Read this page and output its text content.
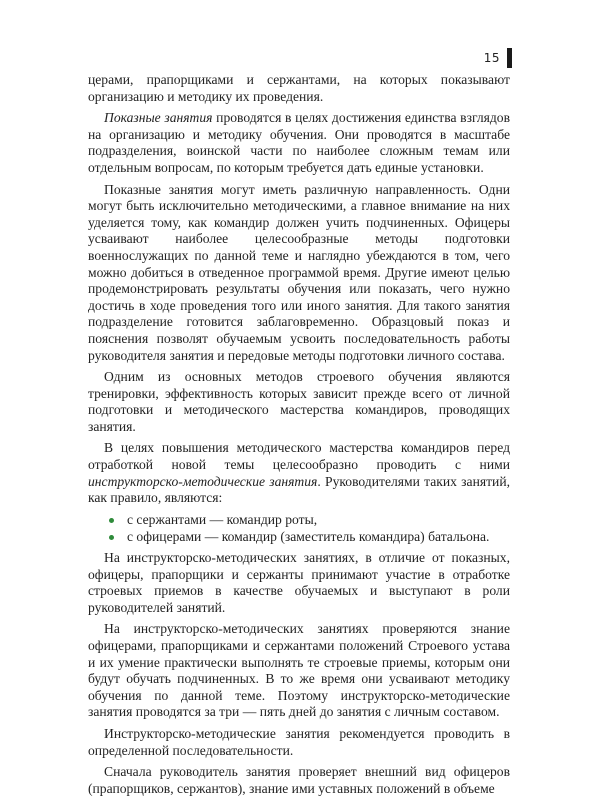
15

церами, прапорщиками и сержантами, на которых показывают организацию и методику их проведения.

Показные занятия проводятся в целях достижения единства взглядов на организацию и методику обучения. Они проводятся в масштабе подразделения, воинской части по наиболее сложным темам или отдельным вопросам, по которым требуется дать единые установки.

Показные занятия могут иметь различную направленность. Одни могут быть исключительно методическими, а главное внимание на них уделяется тому, как командир должен учить подчиненных. Офицеры усваивают наиболее целесообразные методы подготовки военнослужащих по данной теме и наглядно убеждаются в том, чего можно добиться в отведенное программой время. Другие имеют целью продемонстрировать результаты обучения или показать, чего нужно достичь в ходе проведения того или иного занятия. Для такого занятия подразделение готовится заблаговременно. Образцовый показ и пояснения позволят обучаемым усвоить последовательность работы руководителя занятия и передовые методы подготовки личного состава.

Одним из основных методов строевого обучения являются тренировки, эффективность которых зависит прежде всего от личной подготовки и методического мастерства командиров, проводящих занятия.

В целях повышения методического мастерства командиров перед отработкой новой темы целесообразно проводить с ними инструкторско-методические занятия. Руководителями таких занятий, как правило, являются:

с сержантами — командир роты,
с офицерами — командир (заместитель командира) батальона.

На инструкторско-методических занятиях, в отличие от показных, офицеры, прапорщики и сержанты принимают участие в отработке строевых приемов в качестве обучаемых и выступают в роли руководителей занятий.

На инструкторско-методических занятиях проверяются знание офицерами, прапорщиками и сержантами положений Строевого устава и их умение практически выполнять те строевые приемы, которым они будут обучать подчиненных. В то же время они усваивают методику обучения по данной теме. Поэтому инструкторско-методические занятия проводятся за три — пять дней до занятия с личным составом.

Инструкторско-методические занятия рекомендуется проводить в определенной последовательности.

Сначала руководитель занятия проверяет внешний вид офицеров (прапорщиков, сержантов), знание ими уставных положений в объеме
